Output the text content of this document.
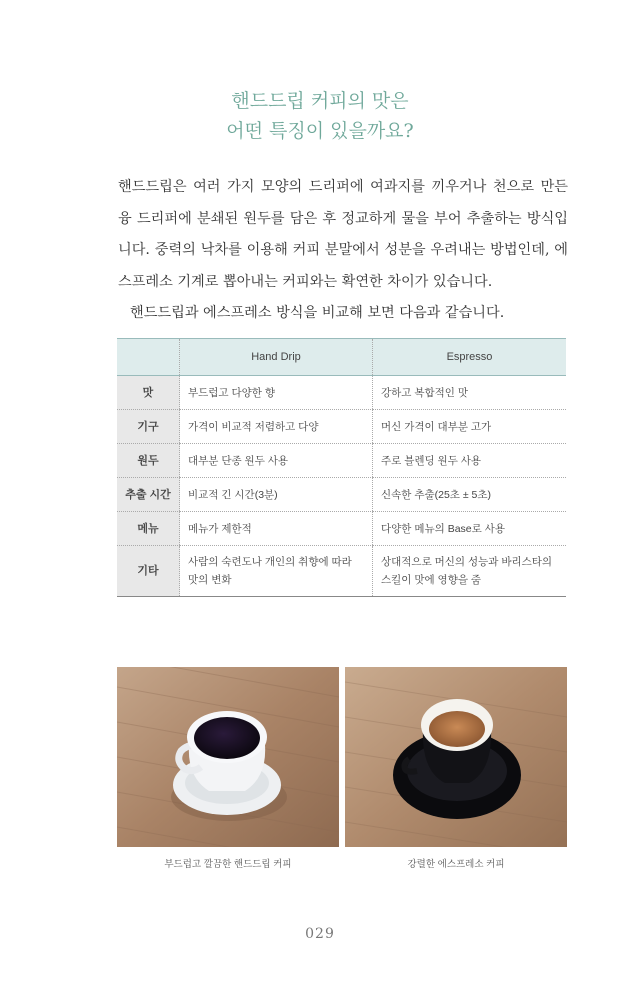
핸드드립 커피의 맛은
어떤 특징이 있을까요?

핸드드립은 여러 가지 모양의 드리퍼에 여과지를 끼우거나 천으로 만든 융 드리퍼에 분쇄된 원두를 담은 후 정교하게 물을 부어 추출하는 방식입니다. 중력의 낙차를 이용해 커피 분말에서 성분을 우려내는 방법인데, 에스프레소 기계로 뽑아내는 커피와는 확연한 차이가 있습니다.

핸드드립과 에스프레소 방식을 비교해 보면 다음과 같습니다.

	Hand Drip	Espresso
맛	부드럽고 다양한 향	강하고 복합적인 맛
기구	가격이 비교적 저렴하고 다양	머신 가격이 대부분 고가
원두	대부분 단종 원두 사용	주로 블렌딩 원두 사용
추출 시간	비교적 긴 시간(3분)	신속한 추출(25초 ± 5초)
메뉴	메뉴가 제한적	다양한 메뉴의 Base로 사용
기타	사람의 숙련도나 개인의 취향에 따라 맛의 변화	상대적으로 머신의 성능과 바리스타의 스킬이 맛에 영향을 줌
부드럽고 깔끔한 핸드드립 커피	강렬한 에스프레소 커피
029
